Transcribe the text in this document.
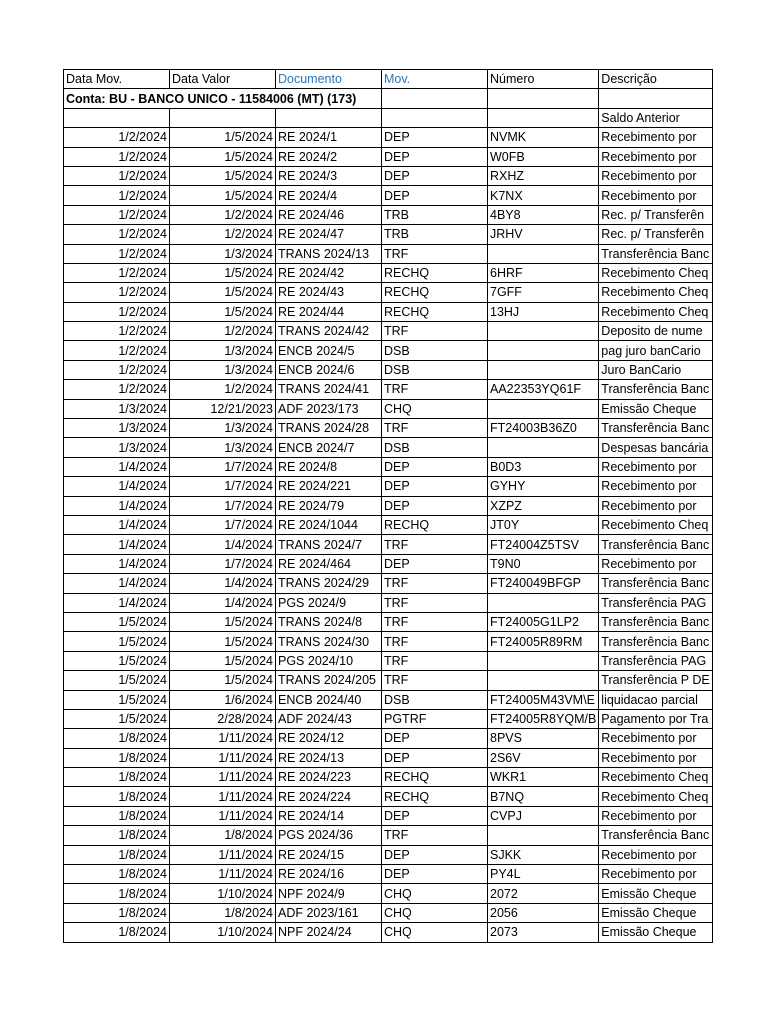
Data Mov.	Data Valor	Documento	Mov.	Número	Descrição
Conta: BU - BANCO UNICO - 11584006 (MT) (173)					
					Saldo Anterior
1/2/2024	1/5/2024	RE 2024/1	DEP	NVMK	Recebimento por
1/2/2024	1/5/2024	RE 2024/2	DEP	W0FB	Recebimento por
1/2/2024	1/5/2024	RE 2024/3	DEP	RXHZ	Recebimento por
1/2/2024	1/5/2024	RE 2024/4	DEP	K7NX	Recebimento por
1/2/2024	1/2/2024	RE 2024/46	TRB	4BY8	Rec. p/ Transferên
1/2/2024	1/2/2024	RE 2024/47	TRB	JRHV	Rec. p/ Transferên
1/2/2024	1/3/2024	TRANS 2024/13	TRF		Transferência Banc
1/2/2024	1/5/2024	RE 2024/42	RECHQ	6HRF	Recebimento Cheq
1/2/2024	1/5/2024	RE 2024/43	RECHQ	7GFF	Recebimento Cheq
1/2/2024	1/5/2024	RE 2024/44	RECHQ	13HJ	Recebimento Cheq
1/2/2024	1/2/2024	TRANS 2024/42	TRF		Deposito de nume
1/2/2024	1/3/2024	ENCB 2024/5	DSB		pag juro banCario
1/2/2024	1/3/2024	ENCB 2024/6	DSB		Juro BanCario
1/2/2024	1/2/2024	TRANS 2024/41	TRF	AA22353YQ61F	Transferência Banc
1/3/2024	12/21/2023	ADF 2023/173	CHQ		Emissão Cheque
1/3/2024	1/3/2024	TRANS 2024/28	TRF	FT24003B36Z0	Transferência Banc
1/3/2024	1/3/2024	ENCB 2024/7	DSB		Despesas bancária
1/4/2024	1/7/2024	RE 2024/8	DEP	B0D3	Recebimento por
1/4/2024	1/7/2024	RE 2024/221	DEP	GYHY	Recebimento por
1/4/2024	1/7/2024	RE 2024/79	DEP	XZPZ	Recebimento por
1/4/2024	1/7/2024	RE 2024/1044	RECHQ	JT0Y	Recebimento Cheq
1/4/2024	1/4/2024	TRANS 2024/7	TRF	FT24004Z5TSV	Transferência Banc
1/4/2024	1/7/2024	RE 2024/464	DEP	T9N0	Recebimento por
1/4/2024	1/4/2024	TRANS 2024/29	TRF	FT240049BFGP	Transferência Banc
1/4/2024	1/4/2024	PGS 2024/9	TRF		Transferência PAG
1/5/2024	1/5/2024	TRANS 2024/8	TRF	FT24005G1LP2	Transferência Banc
1/5/2024	1/5/2024	TRANS 2024/30	TRF	FT24005R89RM	Transferência Banc
1/5/2024	1/5/2024	PGS 2024/10	TRF		Transferência PAG
1/5/2024	1/5/2024	TRANS 2024/205	TRF		Transferência P DE
1/5/2024	1/6/2024	ENCB 2024/40	DSB	FT24005M43VM\E	liquidacao parcial
1/5/2024	2/28/2024	ADF 2024/43	PGTRF	FT24005R8YQM/B	Pagamento por Tra
1/8/2024	1/11/2024	RE 2024/12	DEP	8PVS	Recebimento por
1/8/2024	1/11/2024	RE 2024/13	DEP	2S6V	Recebimento por
1/8/2024	1/11/2024	RE 2024/223	RECHQ	WKR1	Recebimento Cheq
1/8/2024	1/11/2024	RE 2024/224	RECHQ	B7NQ	Recebimento Cheq
1/8/2024	1/11/2024	RE 2024/14	DEP	CVPJ	Recebimento por
1/8/2024	1/8/2024	PGS 2024/36	TRF		Transferência Banc
1/8/2024	1/11/2024	RE 2024/15	DEP	SJKK	Recebimento por
1/8/2024	1/11/2024	RE 2024/16	DEP	PY4L	Recebimento por
1/8/2024	1/10/2024	NPF 2024/9	CHQ	2072	Emissão Cheque
1/8/2024	1/8/2024	ADF 2023/161	CHQ	2056	Emissão Cheque
1/8/2024	1/10/2024	NPF 2024/24	CHQ	2073	Emissão Cheque
